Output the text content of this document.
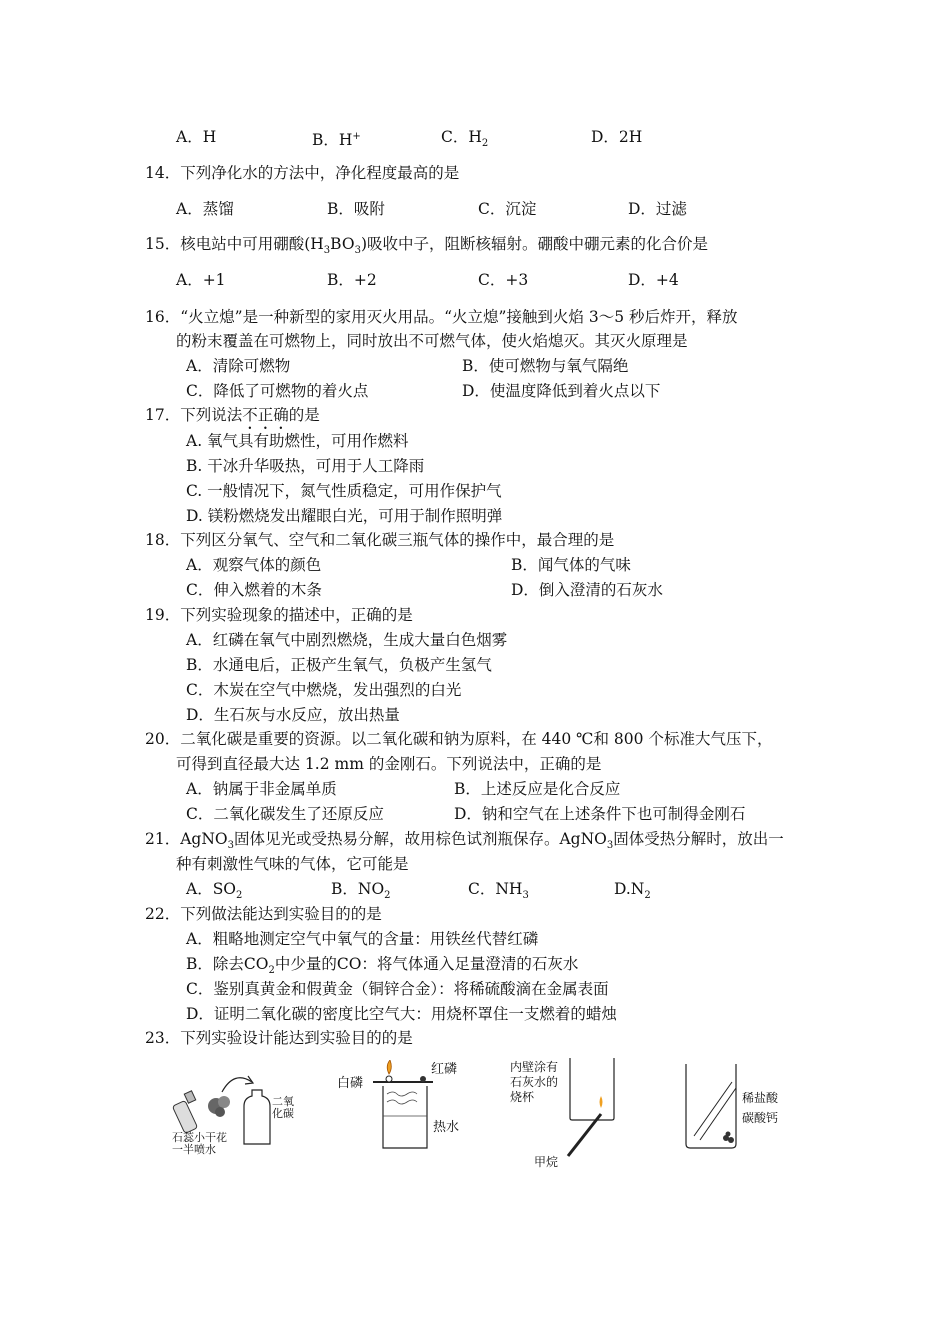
A．H	B．H+	C．$H_2$	D．2H
14．下列净化水的方法中，净化程度最高的是
A．蒸馏	B．吸附	C．沉淀	D．过滤
15．核电站中可用硼酸$(H_3BO_3)$吸收中子，阻断核辐射。硼酸中硼元素的化合价是
A．+1	B．+2	C．+3	D．+4
16．“火立熄”是一种新型的家用灭火用品。“火立熄”接触到火焰 3～5 秒后炸开，释放
的粉末覆盖在可燃物上，同时放出不可燃气体，使火焰熄灭。其灭火原理是
A．清除可燃物	B．使可燃物与氧气隔绝
C．降低了可燃物的着火点	D．使温度降低到着火点以下
17．下列说法不正确的是
A. 氧气具有助燃性，可用作燃料
B. 干冰升华吸热，可用于人工降雨
C. 一般情况下，氮气性质稳定，可用作保护气
D. 镁粉燃烧发出耀眼白光，可用于制作照明弹
18．下列区分氧气、空气和二氧化碳三瓶气体的操作中，最合理的是
A．观察气体的颜色	B．闻气体的气味
C．伸入燃着的木条	D．倒入澄清的石灰水
19．下列实验现象的描述中，正确的是
A．红磷在氧气中剧烈燃烧，生成大量白色烟雾
B．水通电后，正极产生氧气，负极产生氢气
C．木炭在空气中燃烧，发出强烈的白光
D．生石灰与水反应，放出热量
20．二氧化碳是重要的资源。以二氧化碳和钠为原料，在 440 ℃和 800 个标准大气压下，
可得到直径最大达 1.2 mm 的金刚石。下列说法中，正确的是
A．钠属于非金属单质	B．上述反应是化合反应
C．二氧化碳发生了还原反应	D．钠和空气在上述条件下也可制得金刚石
21．AgNO$_3$固体见光或受热易分解，故用棕色试剂瓶保存。AgNO$_3$固体受热分解时，放出一
种有刺激性气味的气体，它可能是
A．$SO_2$	B．$NO_2$	C．$NH_3$	$D.N_2$
22．下列做法能达到实验目的的是
A．粗略地测定空气中氧气的含量：用铁丝代替红磷
B．除去$CO_2$中少量的CO：将气体通入足量澄清的石灰水
C．鉴别真黄金和假黄金（铜锌合金）：将稀硫酸滴在金属表面
D．证明二氧化碳的密度比空气大：用烧杯罩住一支燃着的蜡烛
23．下列实验设计能达到实验目的的是
二氧化碳
石蕊小干花一半喷水
白磷
红磷
热水
内壁涂有石灰水的烧杯
甲烷
稀盐酸
碳酸钙
